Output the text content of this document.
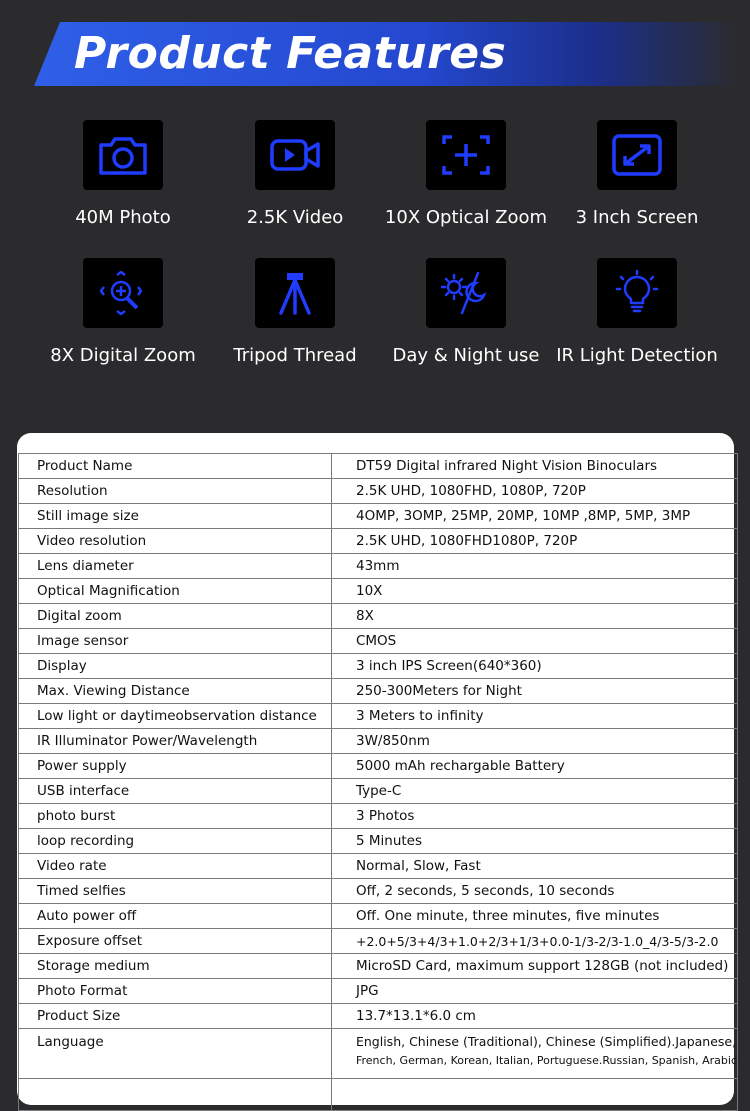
Product Features
40M Photo	2.5K Video	10X Optical Zoom	3 Inch Screen
8X Digital Zoom	Tripod Thread	Day & Night use IR Light Detection
Product Name	DT59 Digital infrared Night Vision Binoculars
Resolution	2.5K UHD, 1080FHD, 1080P, 720P
Still image size	4OMP, 3OMP, 25MP, 20MP, 10MP ,8MP, 5MP, 3MP
Video resolution	2.5K UHD, 1080FHD1080P, 720P
Lens diameter	43mm
Optical Magnification	10X
Digital zoom	8X
Image sensor	CMOS
Display	3 inch IPS Screen(640*360)
Max. Viewing Distance	250-300Meters for Night
Low light or daytimeobservation distance	3 Meters to infinity
IR Illuminator Power/Wavelength	3W/850nm
Power supply	5000 mAh rechargable Battery
USB interface	Type-C
photo burst	3 Photos
loop recording	5 Minutes
Video rate	Normal, Slow, Fast
Timed selfies	Off, 2 seconds, 5 seconds, 10 seconds
Auto power off	Off. One minute, three minutes, five minutes
Exposure offset	+2.0+5/3+4/3+1.0+2/3+1/3+0.0-1/3-2/3-1.0_4/3-5/3-2.0
Storage medium	MicroSD Card, maximum support 128GB (not included)
Photo Format	JPG
Product Size	13.7*13.1*6.0 cm
Language	English, Chinese (Traditional), Chinese (Simplified).Japanese,
French, German, Korean, Italian, Portuguese.Russian, Spanish, Arabic
